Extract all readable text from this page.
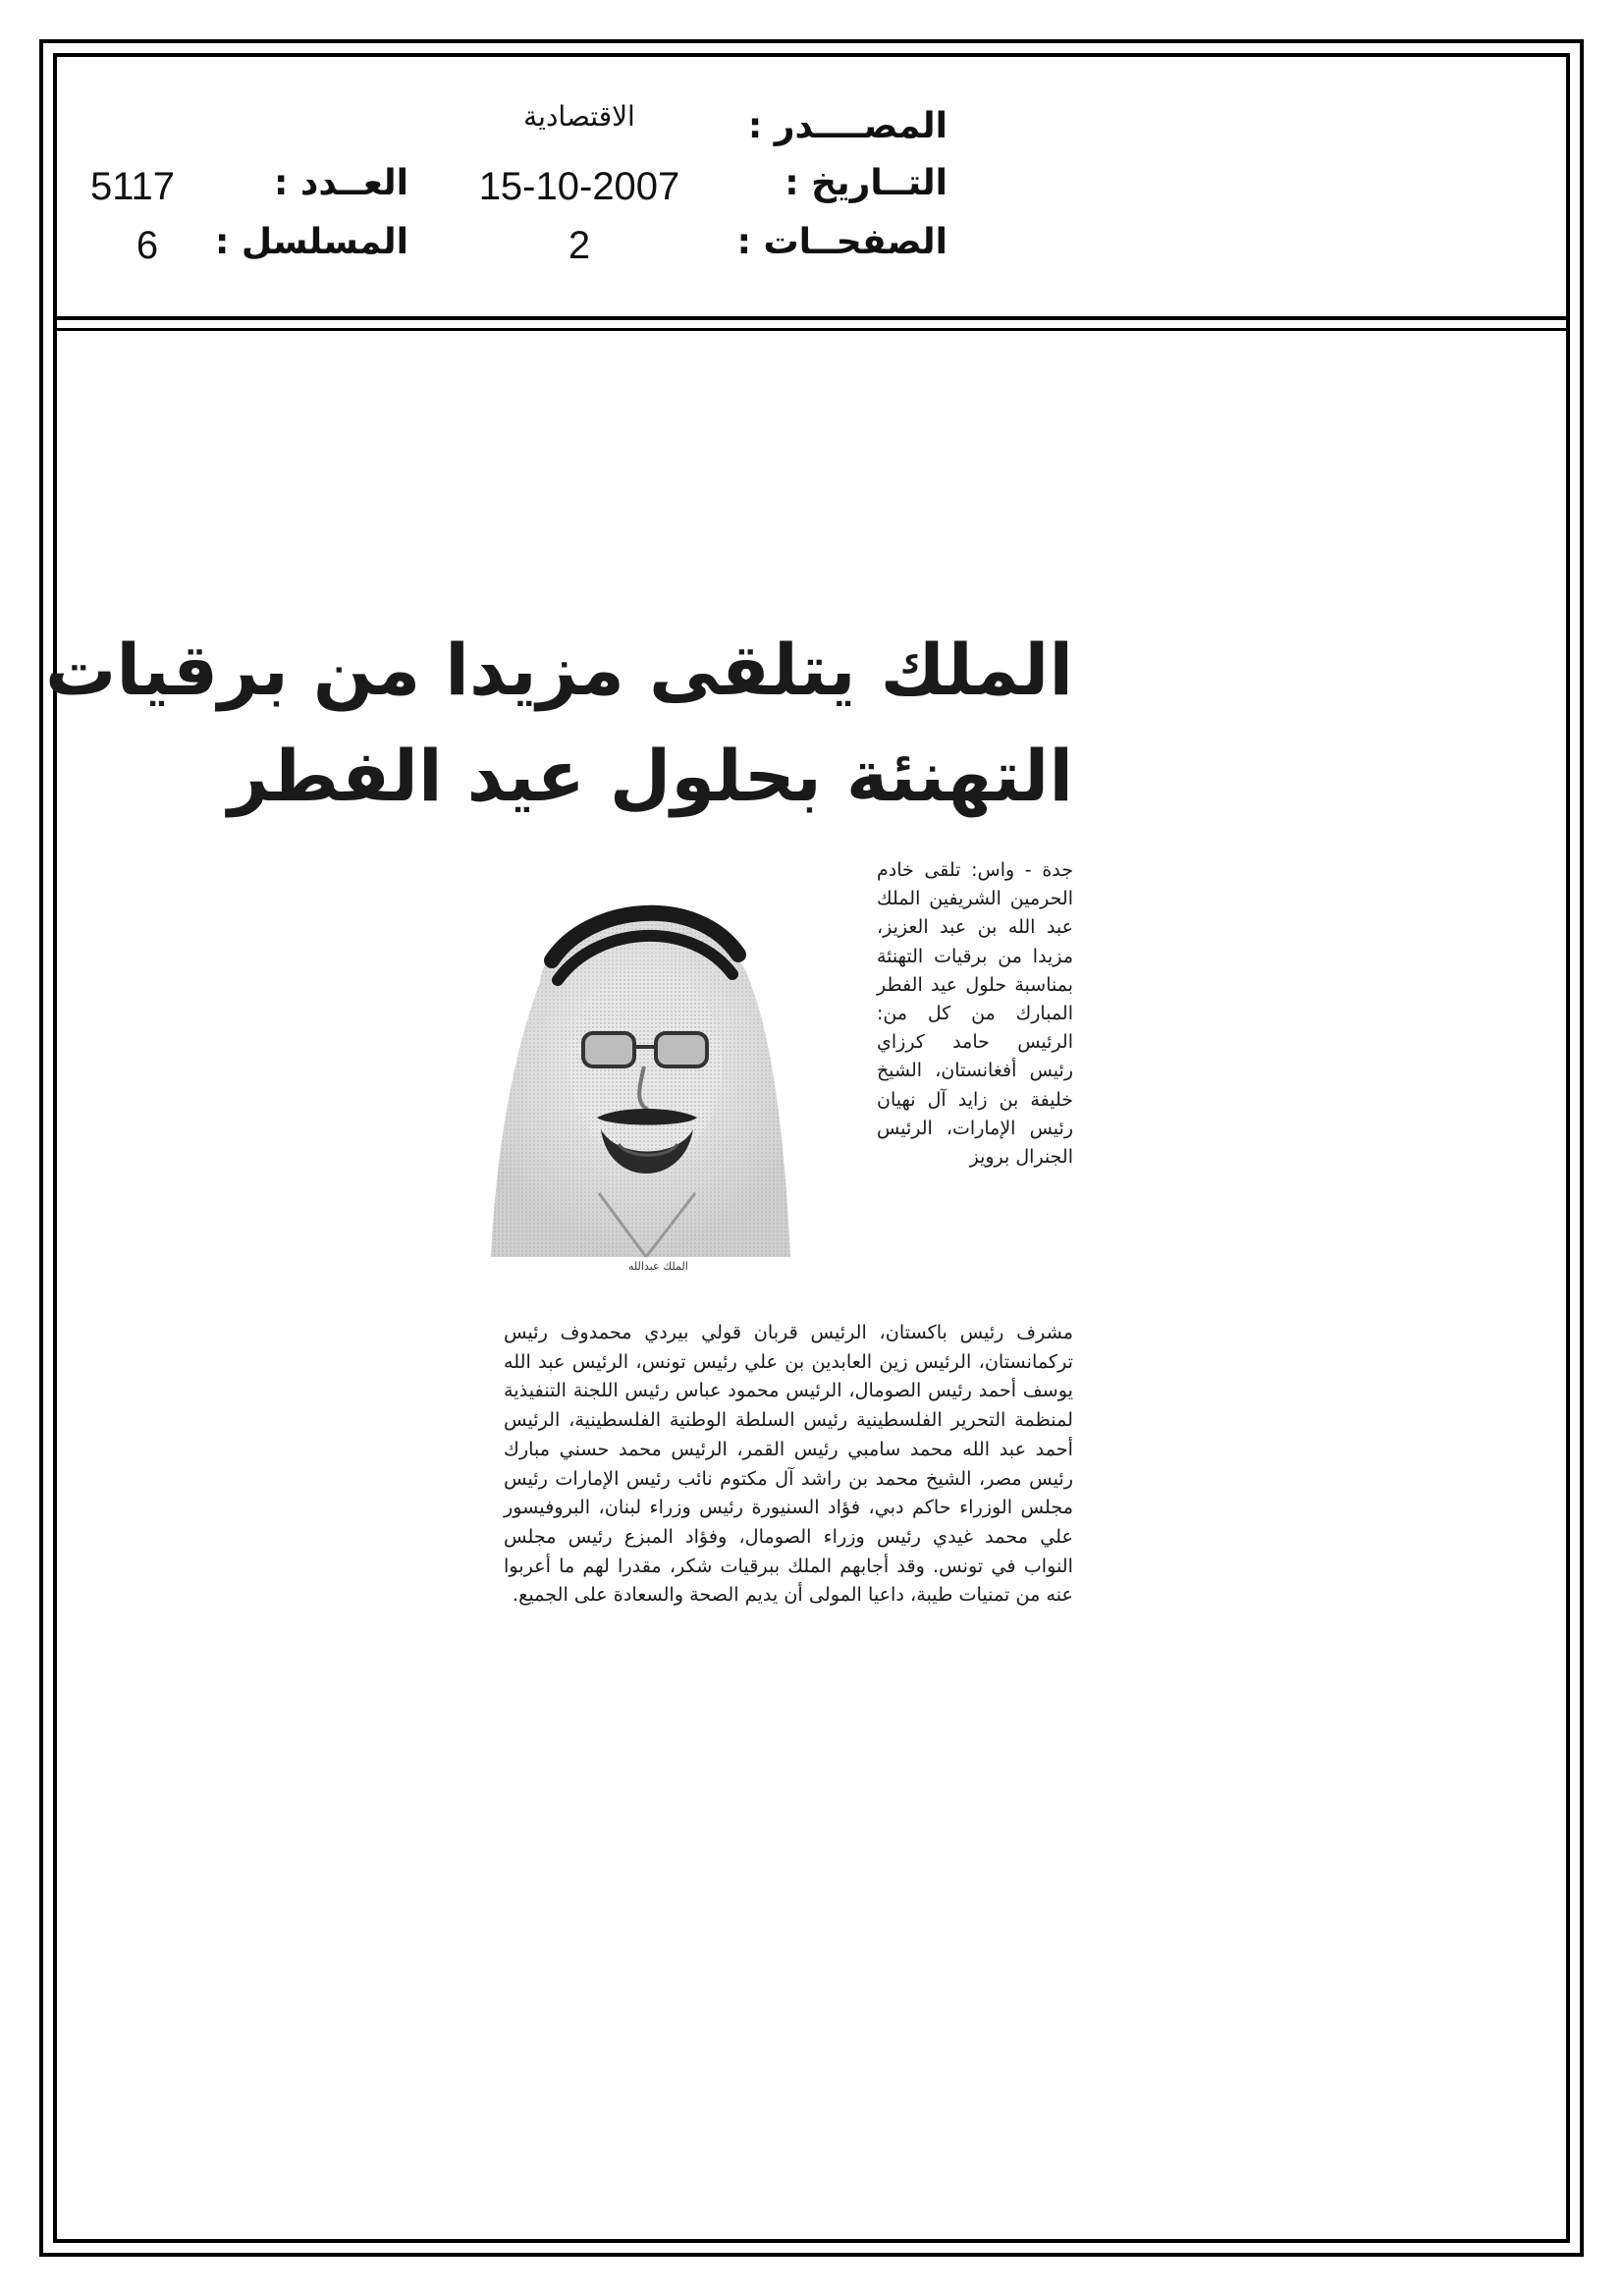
المصــــدر :
التــاريخ :
الصفحــات :
الاقتصادية
15-10-2007
2
العــدد :
المسلسل :
5117
6
الملك يتلقى مزيدا من برقيات
التهنئة بحلول عيد الفطر
جدة - واس: تلقى خادم الحرمين الشريفين الملك عبد الله بن عبد العزيز، مزيدا من برقيات التهنئة بمناسبة حلول عيد الفطر المبارك من كل من: الرئيس حامد كرزاي رئيس أفغانستان، الشيخ خليفة بن زايد آل نهيان رئيس الإمارات، الرئيس الجنرال برويز
الملك عبدالله
مشرف رئيس باكستان، الرئيس قربان قولي بيردي محمدوف رئيس تركمانستان، الرئيس زين العابدين بن علي رئيس تونس، الرئيس عبد الله يوسف أحمد رئيس الصومال، الرئيس محمود عباس رئيس اللجنة التنفيذية لمنظمة التحرير الفلسطينية رئيس السلطة الوطنية الفلسطينية، الرئيس أحمد عبد الله محمد سامبي رئيس القمر، الرئيس محمد حسني مبارك رئيس مصر، الشيخ محمد بن راشد آل مكتوم نائب رئيس الإمارات رئيس مجلس الوزراء حاكم دبي، فؤاد السنيورة رئيس وزراء لبنان، البروفيسور علي محمد غيدي رئيس وزراء الصومال، وفؤاد المبزع رئيس مجلس النواب في تونس. وقد أجابهم الملك ببرقيات شكر، مقدرا لهم ما أعربوا عنه من تمنيات طيبة، داعيا المولى أن يديم الصحة والسعادة على الجميع.
